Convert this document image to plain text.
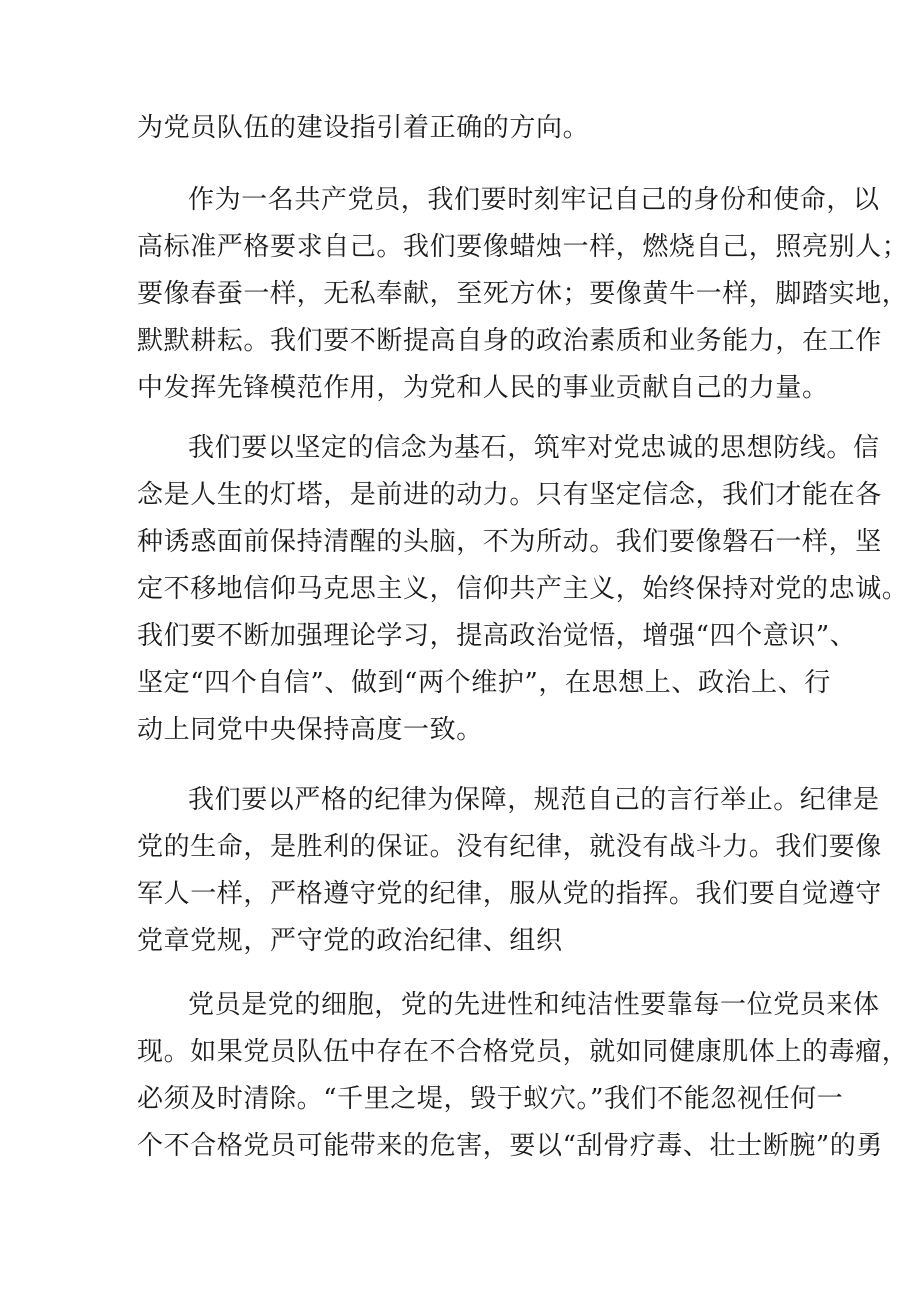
为党员队伍的建设指引着正确的方向。
作为一名共产党员，我们要时刻牢记自己的身份和使命，以
高标准严格要求自己。我们要像蜡烛一样，燃烧自己，照亮别人；
要像春蚕一样，无私奉献，至死方休；要像黄牛一样，脚踏实地，
默默耕耘。我们要不断提高自身的政治素质和业务能力，在工作
中发挥先锋模范作用，为党和人民的事业贡献自己的力量。
我们要以坚定的信念为基石，筑牢对党忠诚的思想防线。信
念是人生的灯塔，是前进的动力。只有坚定信念，我们才能在各
种诱惑面前保持清醒的头脑，不为所动。我们要像磐石一样，坚
定不移地信仰马克思主义，信仰共产主义，始终保持对党的忠诚。
我们要不断加强理论学习，提高政治觉悟，增强“四个意识”、
坚定“四个自信”、做到“两个维护”，在思想上、政治上、行
动上同党中央保持高度一致。
我们要以严格的纪律为保障，规范自己的言行举止。纪律是
党的生命，是胜利的保证。没有纪律，就没有战斗力。我们要像
军人一样，严格遵守党的纪律，服从党的指挥。我们要自觉遵守
党章党规，严守党的政治纪律、组织
党员是党的细胞，党的先进性和纯洁性要靠每一位党员来体
现。如果党员队伍中存在不合格党员，就如同健康肌体上的毒瘤，
必须及时清除。“千里之堤，毁于蚁穴。”我们不能忽视任何一
个不合格党员可能带来的危害，要以“刮骨疗毒、壮士断腕”的勇
